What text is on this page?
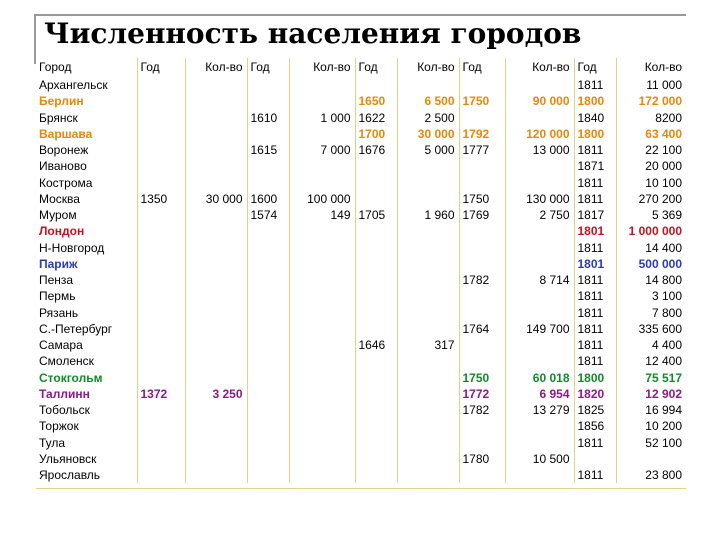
Численность населения городов
Город	Год	Кол-во	Год	Кол-во	Год	Кол-во	Год	Кол-во	Год	Кол-во
Архангельск									1811	11 000
Берлин					1650	6 500	1750	90 000	1800	172 000
Брянск			1610	1 000	1622	2 500			1840	8200
Варшава					1700	30 000	1792	120 000	1800	63 400
Воронеж			1615	7 000	1676	5 000	1777	13 000	1811	22 100
Иваново									1871	20 000
Кострома									1811	10 100
Москва	1350	30 000	1600	100 000			1750	130 000	1811	270 200
Муром			1574	149	1705	1 960	1769	2 750	1817	5 369
Лондон									1801	1 000 000
Н-Новгород									1811	14 400
Париж									1801	500 000
Пенза							1782	8 714	1811	14 800
Пермь									1811	3 100
Рязань									1811	7 800
С.-Петербург							1764	149 700	1811	335 600
Самара					1646	317			1811	4 400
Смоленск									1811	12 400
Стокгольм							1750	60 018	1800	75 517
Таллинн	1372	3 250					1772	6 954	1820	12 902
Тобольск							1782	13 279	1825	16 994
Торжок									1856	10 200
Тула									1811	52 100
Ульяновск							1780	10 500		
Ярославль									1811	23 800
